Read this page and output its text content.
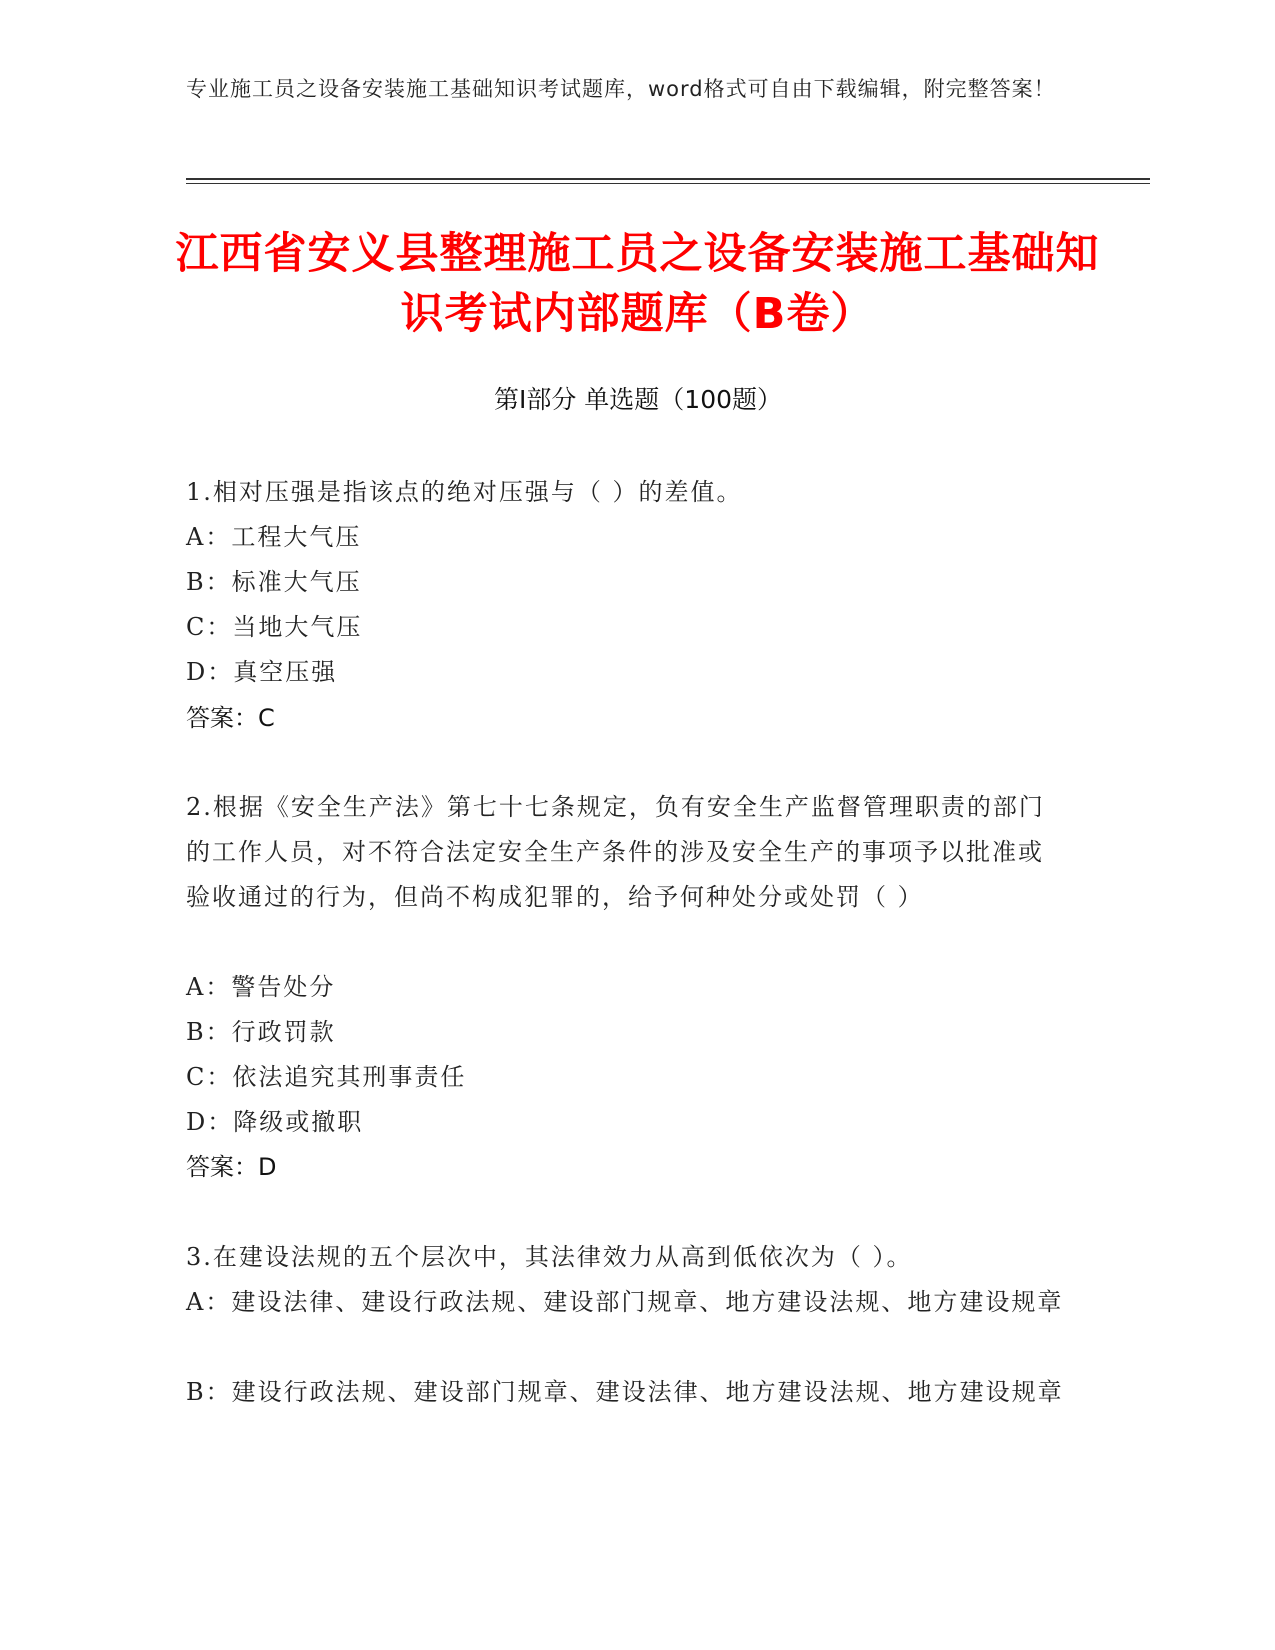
专业施工员之设备安装施工基础知识考试题库，word格式可自由下载编辑，附完整答案！
江西省安义县整理施工员之设备安装施工基础知识考试内部题库（B卷）
第Ⅰ部分 单选题（100题）
1.相对压强是指该点的绝对压强与（ ）的差值。
A：工程大气压
B：标准大气压
C：当地大气压
D：真空压强
答案：C
2.根据《安全生产法》第七十七条规定，负有安全生产监督管理职责的部门的工作人员，对不符合法定安全生产条件的涉及安全生产的事项予以批准或验收通过的行为，但尚不构成犯罪的，给予何种处分或处罚（ ）
A：警告处分
B：行政罚款
C：依法追究其刑事责任
D：降级或撤职
答案：D
3.在建设法规的五个层次中，其法律效力从高到低依次为（ ）。
A：建设法律、建设行政法规、建设部门规章、地方建设法规、地方建设规章
B：建设行政法规、建设部门规章、建设法律、地方建设法规、地方建设规章
